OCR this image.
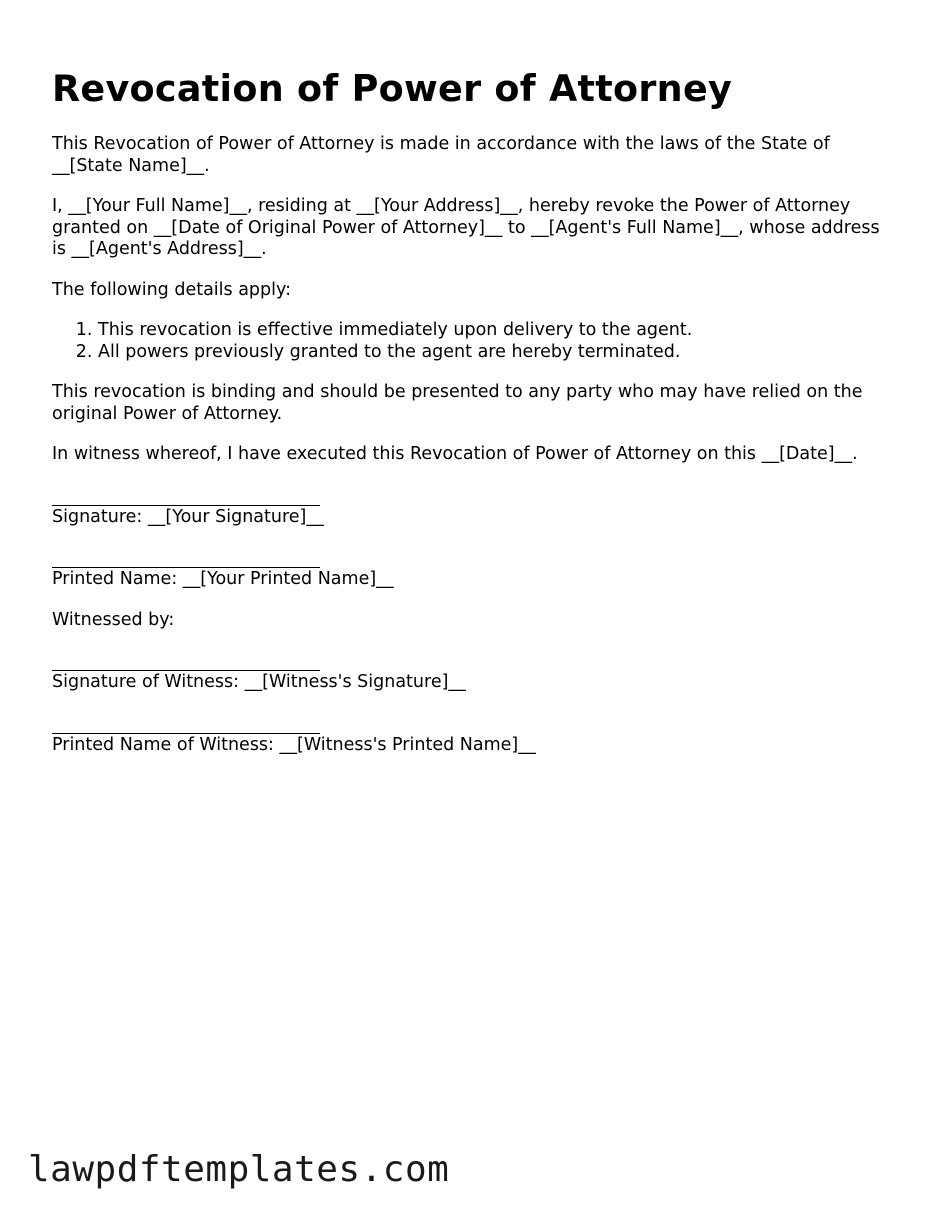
Revocation of Power of Attorney

This Revocation of Power of Attorney is made in accordance with the laws of the State of __[State Name]__.

I, __[Your Full Name]__, residing at __[Your Address]__, hereby revoke the Power of Attorney granted on __[Date of Original Power of Attorney]__ to __[Agent's Full Name]__, whose address is __[Agent's Address]__.

The following details apply:

1. This revocation is effective immediately upon delivery to the agent.
2. All powers previously granted to the agent are hereby terminated.

This revocation is binding and should be presented to any party who may have relied on the original Power of Attorney.

In witness whereof, I have executed this Revocation of Power of Attorney on this __[Date]__.

Signature: __[Your Signature]__
Printed Name: __[Your Printed Name]__

Witnessed by:

Signature of Witness: __[Witness's Signature]__
Printed Name of Witness: __[Witness's Printed Name]__
lawpdftemplates.com
